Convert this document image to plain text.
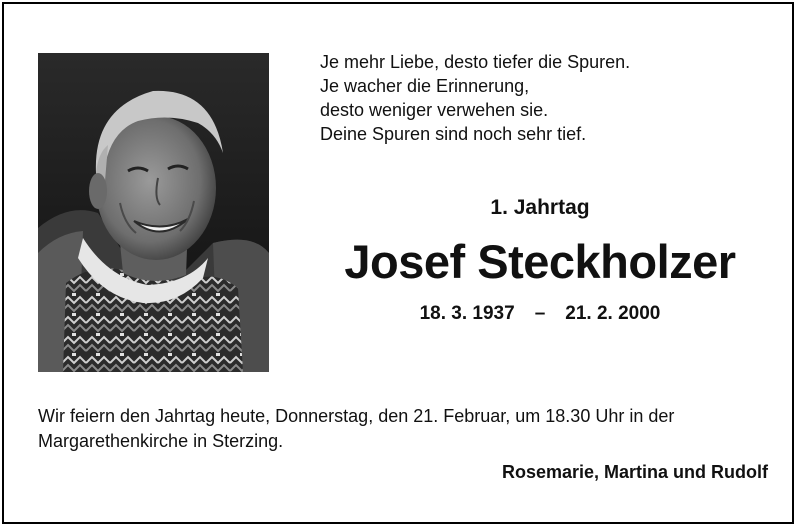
Je mehr Liebe, desto tiefer die Spuren.

Je wacher die Erinnerung,

desto weniger verwehen sie.

Deine Spuren sind noch sehr tief.

1. Jahrtag

Josef Steckholzer

18. 3. 1937 – 21. 2. 2000

Wir feiern den Jahrtag heute, Donnerstag, den 21. Februar, um 18.30 Uhr in der
Margarethenkirche in Sterzing.

Rosemarie, Martina und Rudolf
